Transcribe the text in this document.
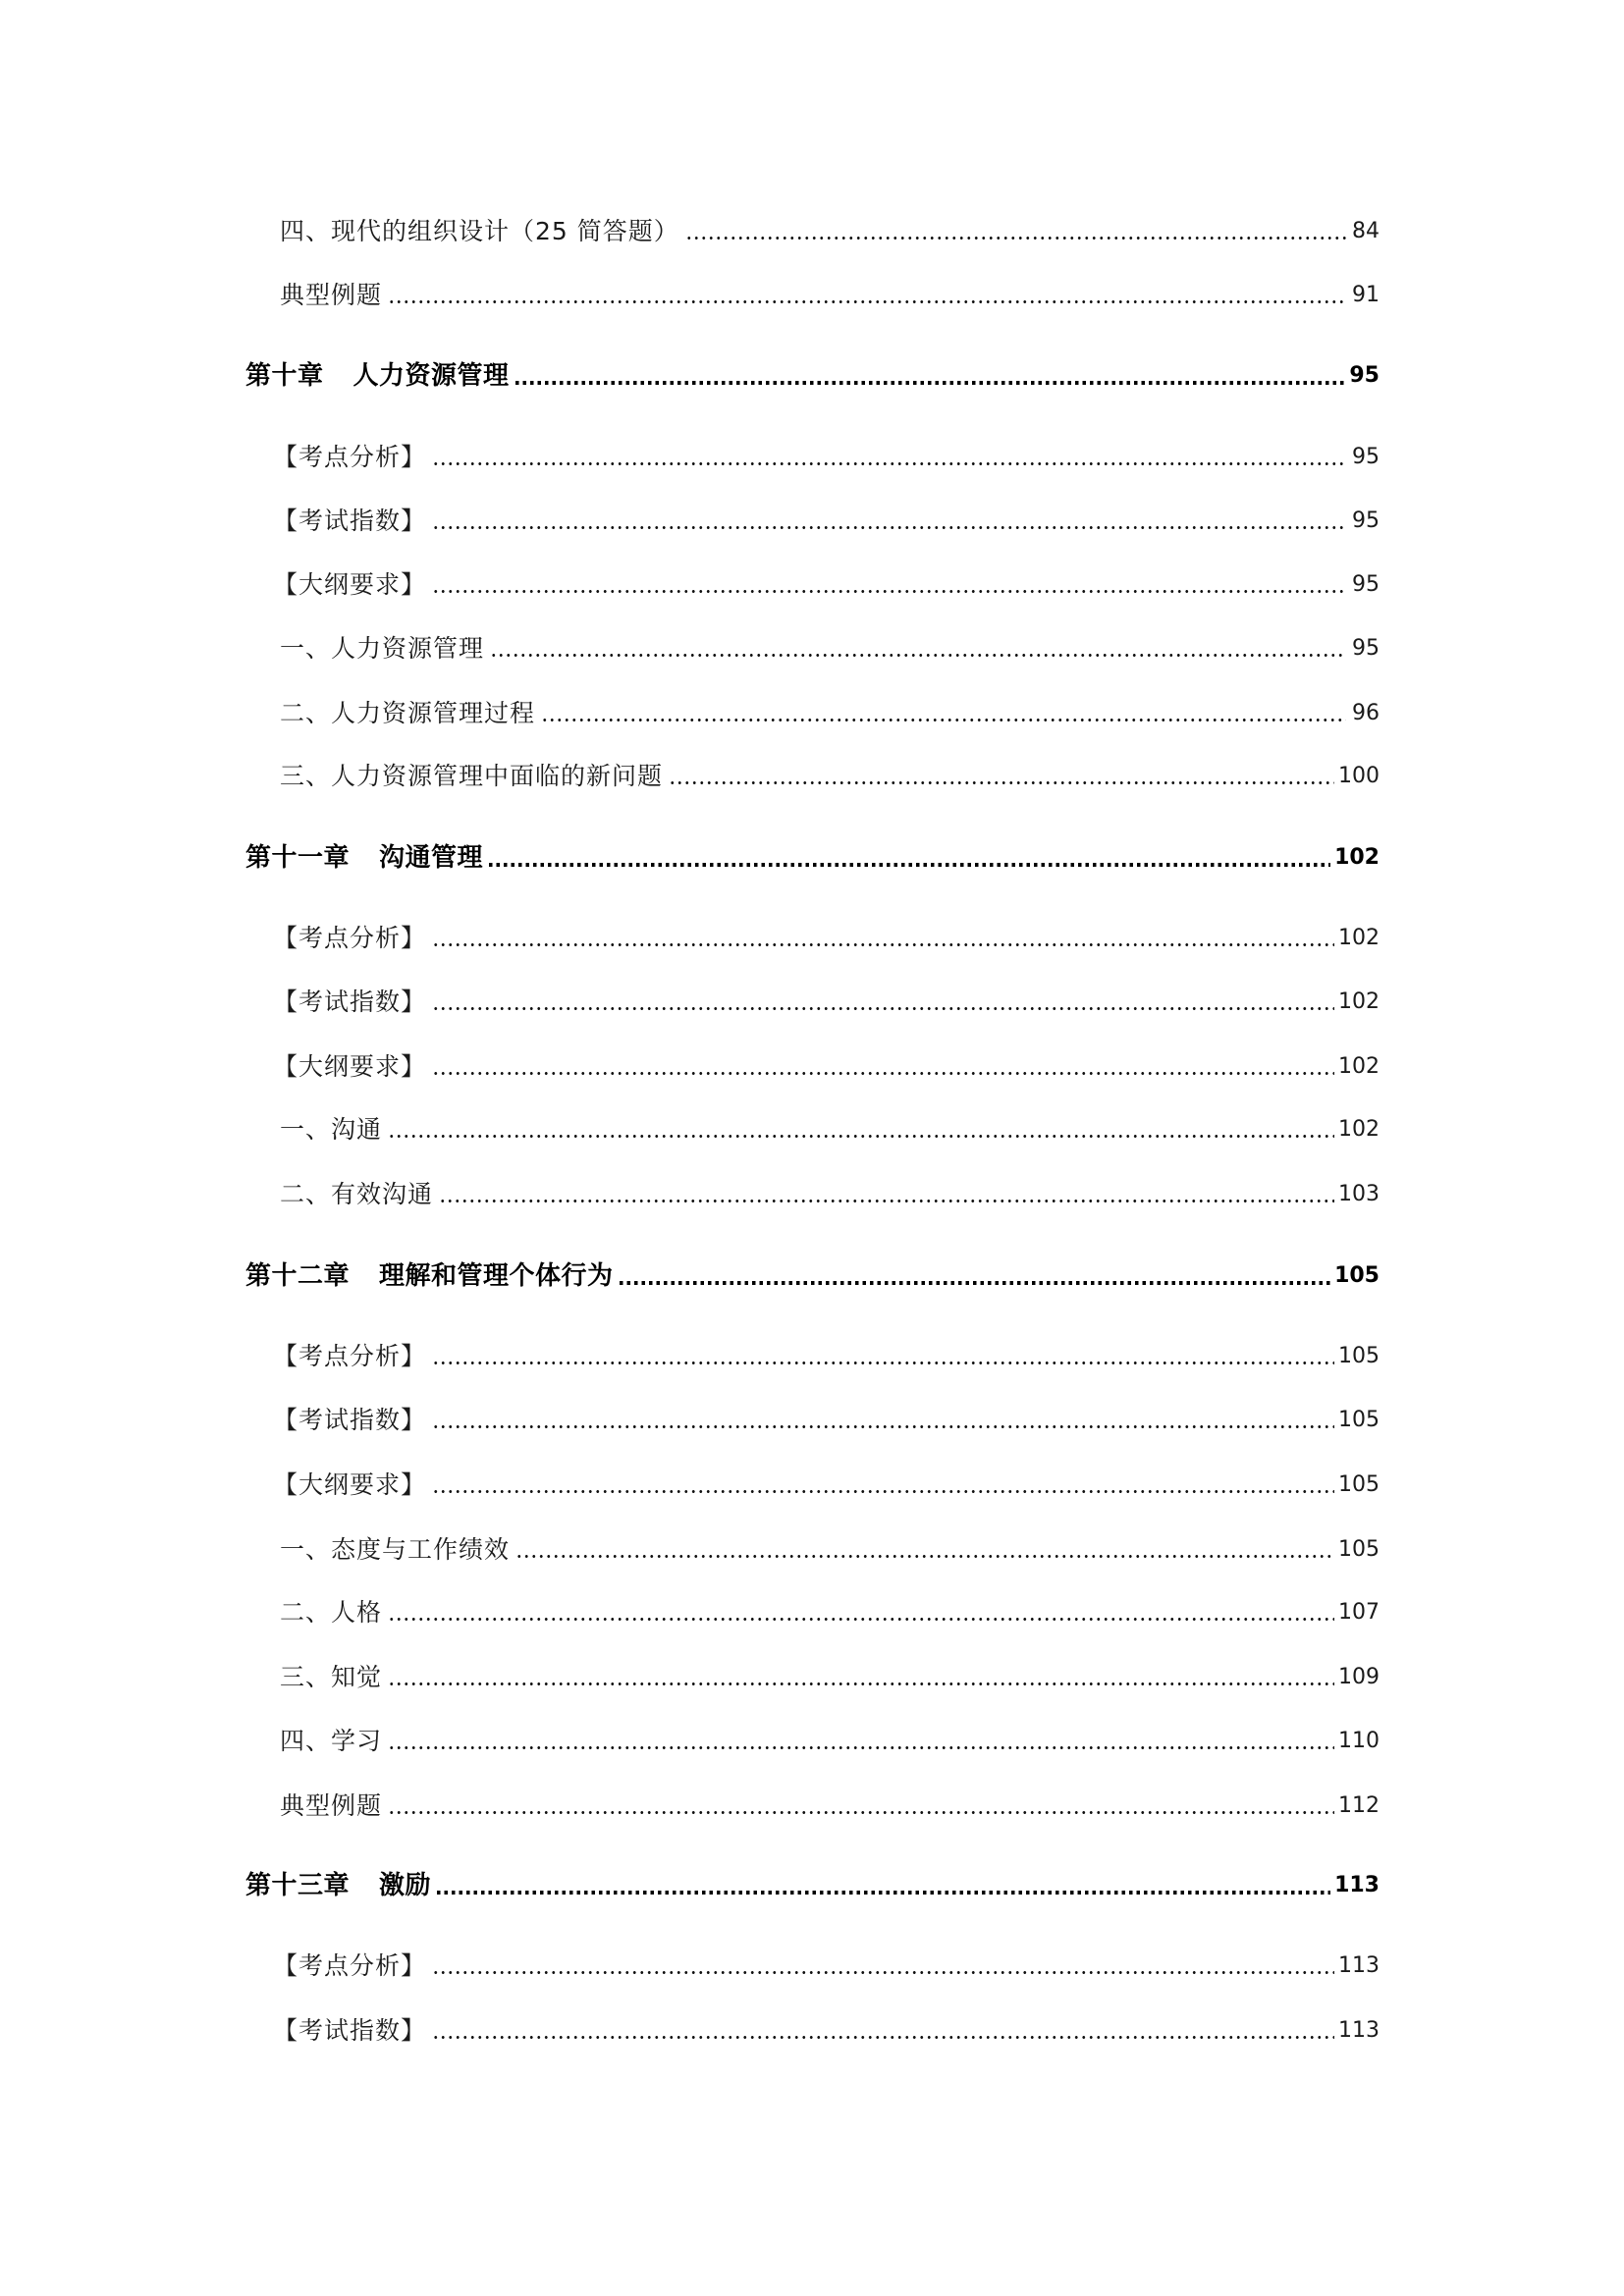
四、现代的组织设计（25 简答题）	84
典型例题	91
第十章 人力资源管理	95
【考点分析】	95
【考试指数】	95
【大纲要求】	95
一、人力资源管理	95
二、人力资源管理过程	96
三、人力资源管理中面临的新问题	100
第十一章 沟通管理	102
【考点分析】	102
【考试指数】	102
【大纲要求】	102
一、沟通	102
二、有效沟通	103
第十二章 理解和管理个体行为	105
【考点分析】	105
【考试指数】	105
【大纲要求】	105
一、态度与工作绩效	105
二、人格	107
三、知觉	109
四、学习	110
典型例题	112
第十三章 激励	113
【考点分析】	113
【考试指数】	113
